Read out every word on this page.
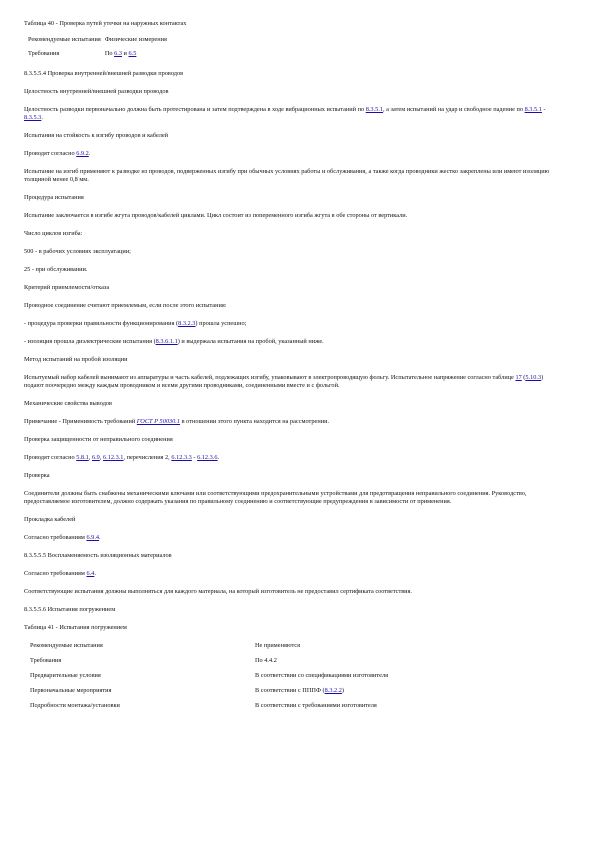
Таблица 40 - Проверка путей утечки на наружных контактах

Рекомендуемые испытания	Физические измерения
Требования	По 6.3 и 6.5

8.3.5.5.4 Проверка внутренней/внешней разводки проводов

Целостность внутренней/внешней разводки проводов

Целостность разводки первоначально должна быть протестирована и затем подтверждена в ходе вибрационных испытаний по 8.3.5.1, а затем испытаний на удар и свободное падение по 8.3.5.1 - 8.3.5.3.

Испытания на стойкость к изгибу проводов и кабелей

Проводят согласно 6.9.2.

Испытание на изгиб применяют к разводке из проводов, подверженных изгибу при обычных условиях работы и обслуживания, а также когда проводники жестко закреплены или имеют изоляцию толщиной менее 0,8 мм.

Процедура испытания

Испытание заключается в изгибе жгута проводов/кабелей циклами. Цикл состоит из попеременного изгиба жгута в обе стороны от вертикали.

Число циклов изгиба:

500 - в рабочих условиях эксплуатации;

25 - при обслуживании.

Критерий приемлемости/отказа

Проводное соединение считают приемлемым, если после этого испытания:

- процедура проверки правильности функционирования (8.3.2.3) прошла успешно;

- изоляция прошла диэлектрические испытания (8.3.6.1.1) и выдержала испытания на пробой, указанный ниже.

Метод испытаний на пробой изоляции

Испытуемый набор кабелей вынимают из аппаратуры и часть кабелей, подлежащих изгибу, упаковывают в электропроводящую фольгу. Испытательное напряжение согласно таблице 17 (5.10.3) подают поочередно между каждым проводником и всеми другими проводниками, соединенными вместе и с фольгой.

Механические свойства выводов

Примечание - Применимость требований ГОСТ Р 50030.1 в отношении этого пункта находится на рассмотрении.

Проверка защищенности от неправильного соединения

Проводят согласно 5.8.1, 6.9, 6.12.3.1, перечисления 2, 6.12.3.3 - 6.12.3.6.

Проверка

Соединители должны быть снабжены механическими ключами или соответствующими предохранительными устройствами для предотвращения неправильного соединения. Руководство, предоставляемое изготовителем, должно содержать указания по правильному соединению и соответствующие предупреждения в зависимости от применения.

Прокладка кабелей

Согласно требованиям 6.9.4.

8.3.5.5.5 Воспламеняемость изоляционных материалов

Согласно требованиям 6.4.

Соответствующие испытания должны выполняться для каждого материала, на который изготовитель не предоставил сертификата соответствия.

8.3.5.5.6 Испытания погружением

Таблица 41 - Испытания погружением

Рекомендуемые испытания	Не применяются
Требования	По 4.4.2
Предварительные условия	В соответствии со спецификациями изготовителя
Первоначальные мероприятия	В соответствии с ПППФ (8.3.2.2)
Подробности монтажа/установки	В соответствии с требованиями изготовителя
